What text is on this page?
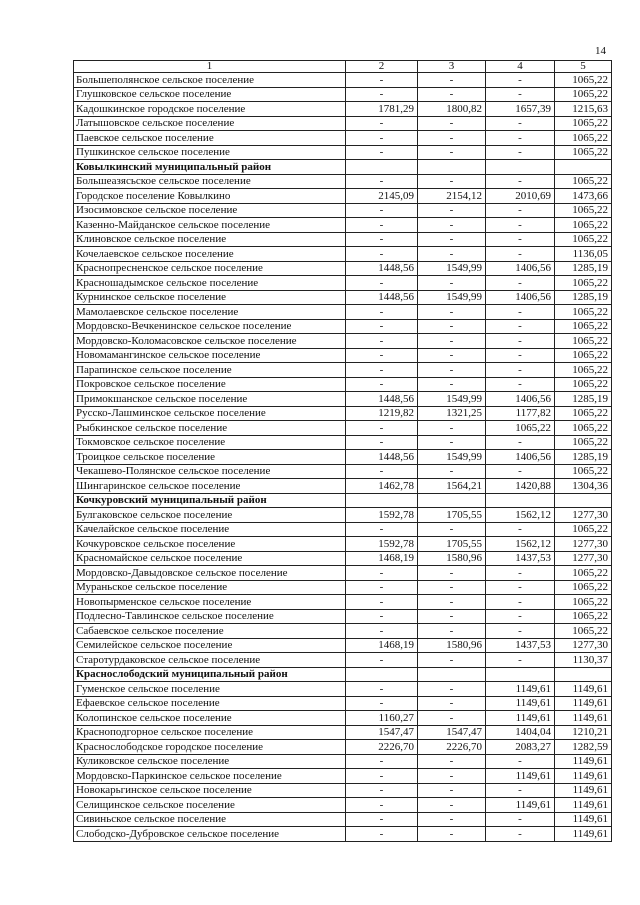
14
1	2	3	4	5
Большеполянское сельское поселение	-	-	-	1065,22
Глушковское сельское поселение	-	-	-	1065,22
Кадошкинское городское поселение	1781,29	1800,82	1657,39	1215,63
Латышовское сельское поселение	-	-	-	1065,22
Паевское сельское поселение	-	-	-	1065,22
Пушкинское сельское поселение	-	-	-	1065,22
Ковылкинский муниципальный район				
Большеазясьское сельское поселение	-	-	-	1065,22
Городское поселение Ковылкино	2145,09	2154,12	2010,69	1473,66
Изосимовское сельское поселение	-	-	-	1065,22
Казенно-Майданское сельское поселение	-	-	-	1065,22
Клиновское сельское поселение	-	-	-	1065,22
Кочелаевское сельское поселение	-	-	-	1136,05
Краснопресненское сельское поселение	1448,56	1549,99	1406,56	1285,19
Красношадымское сельское поселение	-	-	-	1065,22
Курнинское сельское поселение	1448,56	1549,99	1406,56	1285,19
Мамолаевское сельское поселение	-	-	-	1065,22
Мордовско-Вечкенинское сельское поселение	-	-	-	1065,22
Мордовско-Коломасовское сельское поселение	-	-	-	1065,22
Новомамангинское сельское поселение	-	-	-	1065,22
Парапинское сельское поселение	-	-	-	1065,22
Покровское сельское поселение	-	-	-	1065,22
Примокшанское сельское поселение	1448,56	1549,99	1406,56	1285,19
Русско-Лашминское сельское поселение	1219,82	1321,25	1177,82	1065,22
Рыбкинское сельское поселение	-	-	1065,22	1065,22
Токмовское сельское поселение	-	-	-	1065,22
Троицкое сельское поселение	1448,56	1549,99	1406,56	1285,19
Чекашево-Полянское сельское поселение	-	-	-	1065,22
Шингаринское сельское поселение	1462,78	1564,21	1420,88	1304,36
Кочкуровский муниципальный район				
Булгаковское сельское поселение	1592,78	1705,55	1562,12	1277,30
Качелайское сельское поселение	-	-	-	1065,22
Кочкуровское сельское поселение	1592,78	1705,55	1562,12	1277,30
Красномайское сельское поселение	1468,19	1580,96	1437,53	1277,30
Мордовско-Давыдовское сельское поселение	-	-	-	1065,22
Мураньское сельское поселение	-	-	-	1065,22
Новопырменское сельское поселение	-	-	-	1065,22
Подлесно-Тавлинское сельское поселение	-	-	-	1065,22
Сабаевское сельское поселение	-	-	-	1065,22
Семилейское сельское поселение	1468,19	1580,96	1437,53	1277,30
Старотурдаковское сельское поселение	-	-	-	1130,37
Краснослободский муниципальный район				
Гуменское сельское поселение	-	-	1149,61	1149,61
Ефаевское сельское поселение	-	-	1149,61	1149,61
Колопинское сельское поселение	1160,27	-	1149,61	1149,61
Красноподгорное сельское поселение	1547,47	1547,47	1404,04	1210,21
Краснослободское городское поселение	2226,70	2226,70	2083,27	1282,59
Куликовское сельское поселение	-	-	-	1149,61
Мордовско-Паркинское сельское поселение	-	-	1149,61	1149,61
Новокарьгинское сельское поселение	-	-	-	1149,61
Селищинское сельское поселение	-	-	1149,61	1149,61
Сивиньское сельское поселение	-	-	-	1149,61
Слободско-Дубровское сельское поселение	-	-	-	1149,61
